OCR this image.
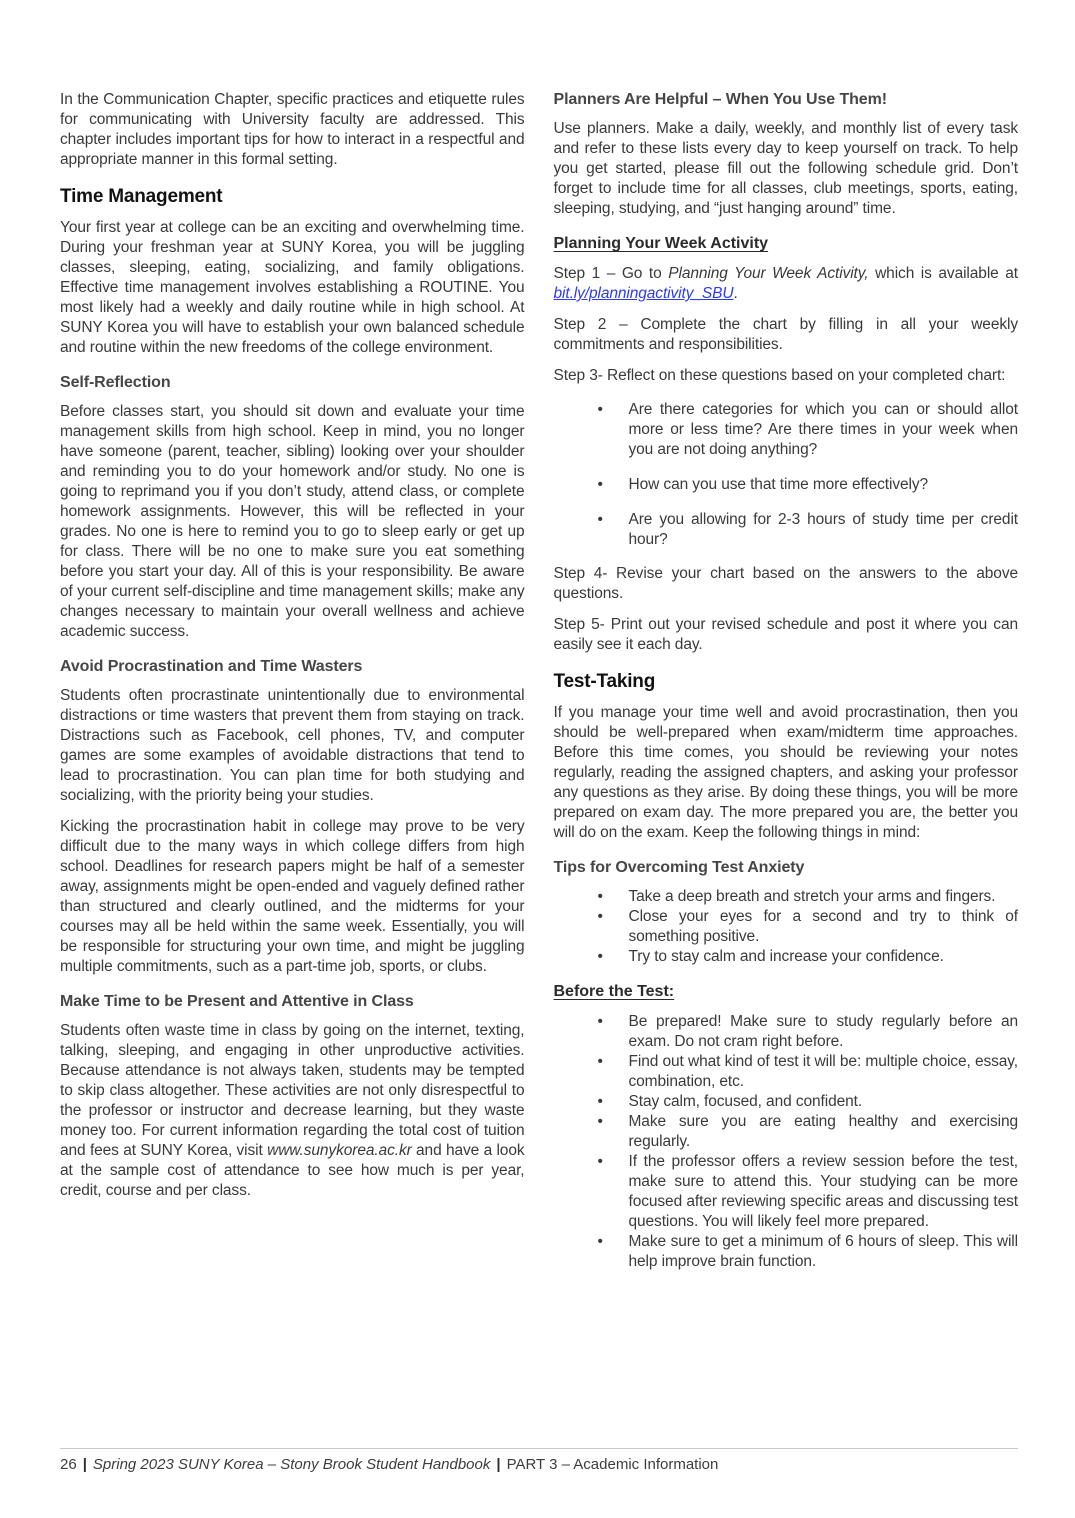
In the Communication Chapter, specific practices and etiquette rules for communicating with University faculty are addressed. This chapter includes important tips for how to interact in a respectful and appropriate manner in this formal setting.

Time Management

Your first year at college can be an exciting and overwhelming time. During your freshman year at SUNY Korea, you will be juggling classes, sleeping, eating, socializing, and family obligations. Effective time management involves establishing a ROUTINE. You most likely had a weekly and daily routine while in high school. At SUNY Korea you will have to establish your own balanced schedule and routine within the new freedoms of the college environment.

Self-Reflection

Before classes start, you should sit down and evaluate your time management skills from high school. Keep in mind, you no longer have someone (parent, teacher, sibling) looking over your shoulder and reminding you to do your homework and/or study. No one is going to reprimand you if you don’t study, attend class, or complete homework assignments. However, this will be reflected in your grades. No one is here to remind you to go to sleep early or get up for class. There will be no one to make sure you eat something before you start your day. All of this is your responsibility. Be aware of your current self-discipline and time management skills; make any changes necessary to maintain your overall wellness and achieve academic success.

Avoid Procrastination and Time Wasters

Students often procrastinate unintentionally due to environmental distractions or time wasters that prevent them from staying on track. Distractions such as Facebook, cell phones, TV, and computer games are some examples of avoidable distractions that tend to lead to procrastination. You can plan time for both studying and socializing, with the priority being your studies.

Kicking the procrastination habit in college may prove to be very difficult due to the many ways in which college differs from high school. Deadlines for research papers might be half of a semester away, assignments might be open-ended and vaguely defined rather than structured and clearly outlined, and the midterms for your courses may all be held within the same week. Essentially, you will be responsible for structuring your own time, and might be juggling multiple commitments, such as a part-time job, sports, or clubs.

Make Time to be Present and Attentive in Class

Students often waste time in class by going on the internet, texting, talking, sleeping, and engaging in other unproductive activities. Because attendance is not always taken, students may be tempted to skip class altogether. These activities are not only disrespectful to the professor or instructor and decrease learning, but they waste money too. For current information regarding the total cost of tuition and fees at SUNY Korea, visit www.sunykorea.ac.kr and have a look at the sample cost of attendance to see how much is per year, credit, course and per class.

Planners Are Helpful – When You Use Them!

Use planners. Make a daily, weekly, and monthly list of every task and refer to these lists every day to keep yourself on track. To help you get started, please fill out the following schedule grid. Don’t forget to include time for all classes, club meetings, sports, eating, sleeping, studying, and “just hanging around” time.

Planning Your Week Activity

Step 1 – Go to Planning Your Week Activity, which is available at bit.ly/planningactivity_SBU.

Step 2 – Complete the chart by filling in all your weekly commitments and responsibilities.

Step 3- Reflect on these questions based on your completed chart:

• Are there categories for which you can or should allot more or less time? Are there times in your week when you are not doing anything?
• How can you use that time more effectively?
• Are you allowing for 2-3 hours of study time per credit hour?

Step 4- Revise your chart based on the answers to the above questions.

Step 5- Print out your revised schedule and post it where you can easily see it each day.

Test-Taking

If you manage your time well and avoid procrastination, then you should be well-prepared when exam/midterm time approaches. Before this time comes, you should be reviewing your notes regularly, reading the assigned chapters, and asking your professor any questions as they arise. By doing these things, you will be more prepared on exam day. The more prepared you are, the better you will do on the exam. Keep the following things in mind:

Tips for Overcoming Test Anxiety
• Take a deep breath and stretch your arms and fingers.
• Close your eyes for a second and try to think of something positive.
• Try to stay calm and increase your confidence.
Before the Test:
• Be prepared! Make sure to study regularly before an exam. Do not cram right before.
• Find out what kind of test it will be: multiple choice, essay, combination, etc.
• Stay calm, focused, and confident.
• Make sure you are eating healthy and exercising regularly.
• If the professor offers a review session before the test, make sure to attend this. Your studying can be more focused after reviewing specific areas and discussing test questions. You will likely feel more prepared.
• Make sure to get a minimum of 6 hours of sleep. This will help improve brain function.
26 | Spring 2023 SUNY Korea – Stony Brook Student Handbook | PART 3 – Academic Information
